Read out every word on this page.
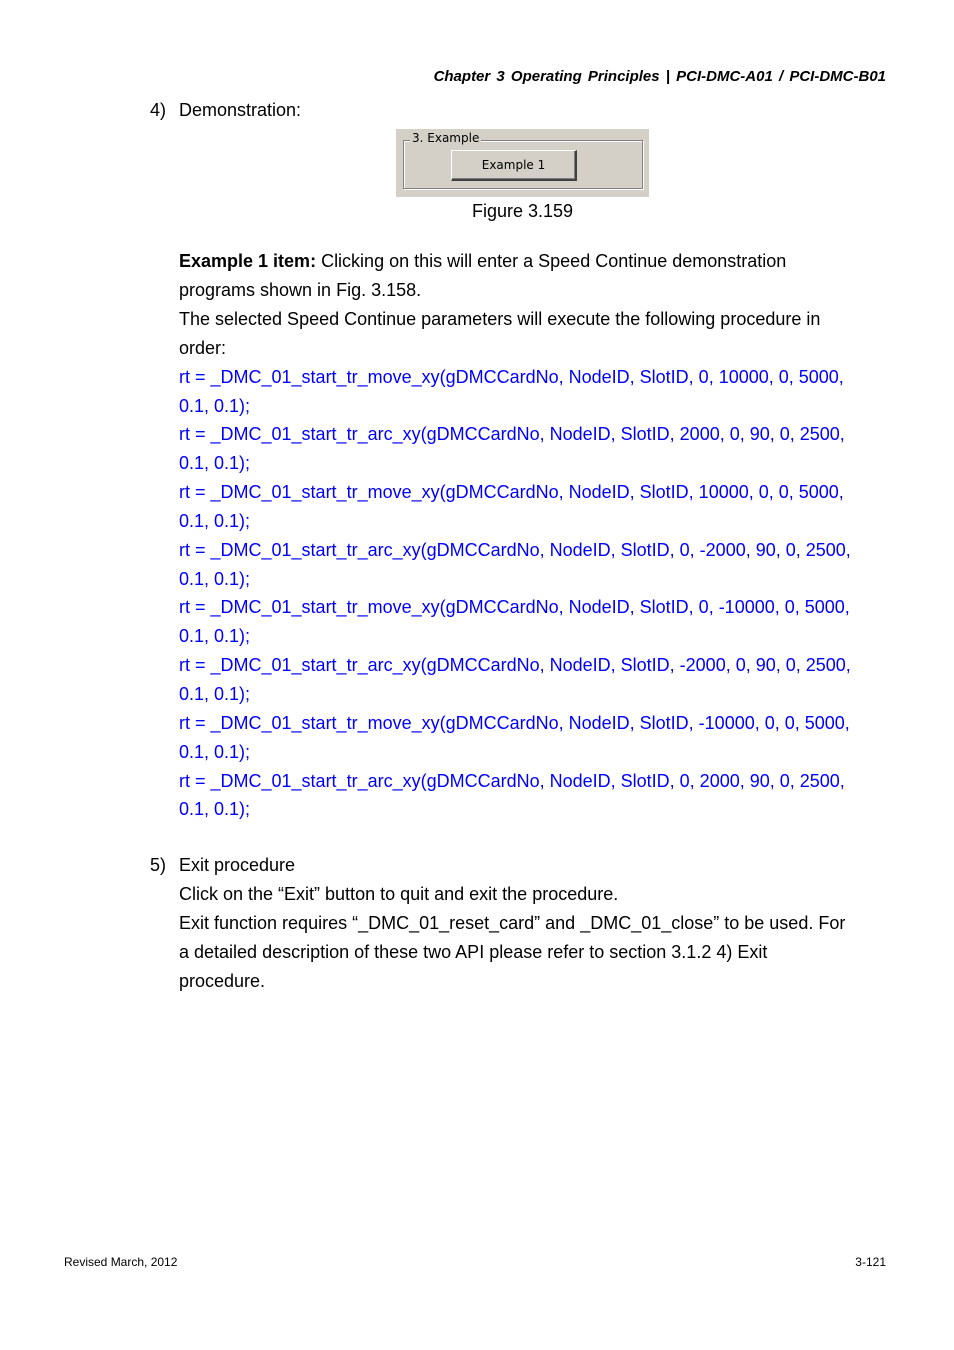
Chapter 3 Operating Principles | PCI-DMC-A01 / PCI-DMC-B01
4) Demonstration:
3. Example
Example 1
Figure 3.159
Example 1 item: Clicking on this will enter a Speed Continue demonstration
programs shown in Fig. 3.158.
The selected Speed Continue parameters will execute the following procedure in
order:
rt = _DMC_01_start_tr_move_xy(gDMCCardNo, NodeID, SlotID, 0, 10000, 0, 5000,
0.1, 0.1);
rt = _DMC_01_start_tr_arc_xy(gDMCCardNo, NodeID, SlotID, 2000, 0, 90, 0, 2500,
0.1, 0.1);
rt = _DMC_01_start_tr_move_xy(gDMCCardNo, NodeID, SlotID, 10000, 0, 0, 5000,
0.1, 0.1);
rt = _DMC_01_start_tr_arc_xy(gDMCCardNo, NodeID, SlotID, 0, -2000, 90, 0, 2500,
0.1, 0.1);
rt = _DMC_01_start_tr_move_xy(gDMCCardNo, NodeID, SlotID, 0, -10000, 0, 5000,
0.1, 0.1);
rt = _DMC_01_start_tr_arc_xy(gDMCCardNo, NodeID, SlotID, -2000, 0, 90, 0, 2500,
0.1, 0.1);
rt = _DMC_01_start_tr_move_xy(gDMCCardNo, NodeID, SlotID, -10000, 0, 0, 5000,
0.1, 0.1);
rt = _DMC_01_start_tr_arc_xy(gDMCCardNo, NodeID, SlotID, 0, 2000, 90, 0, 2500,
0.1, 0.1);
5) Exit procedure
Click on the “Exit” button to quit and exit the procedure.
Exit function requires “_DMC_01_reset_card” and _DMC_01_close” to be used. For
a detailed description of these two API please refer to section 3.1.2 4) Exit
procedure.
Revised March, 2012	3-121
